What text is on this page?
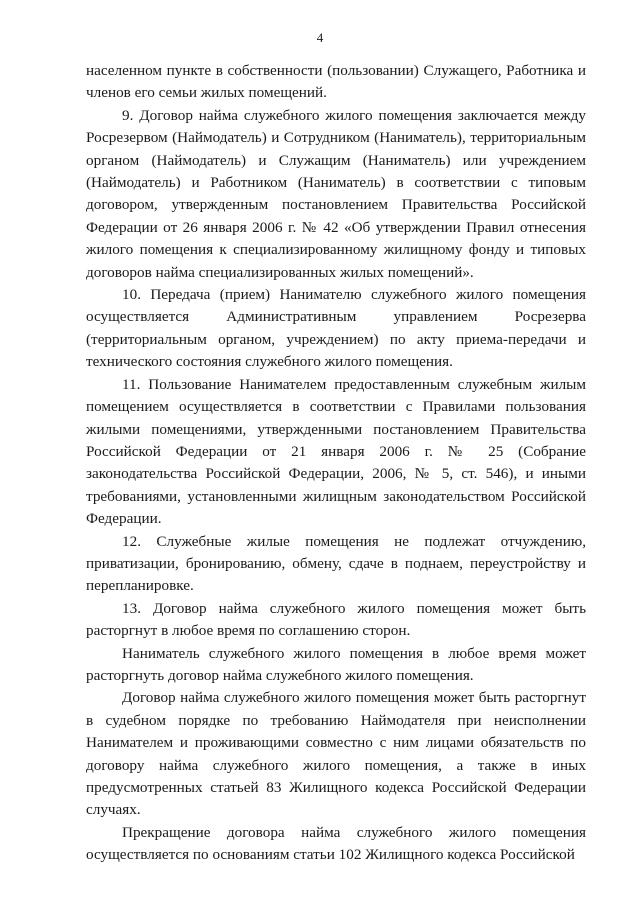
4

населенном пункте в собственности (пользовании) Служащего, Работника и членов его семьи жилых помещений.

9. Договор найма служебного жилого помещения заключается между Росрезервом (Наймодатель) и Сотрудником (Наниматель), территориальным органом (Наймодатель) и Служащим (Наниматель) или учреждением (Наймодатель) и Работником (Наниматель) в соответствии с типовым договором, утвержденным постановлением Правительства Российской Федерации от 26 января 2006 г. № 42 «Об утверждении Правил отнесения жилого помещения к специализированному жилищному фонду и типовых договоров найма специализированных жилых помещений».

10. Передача (прием) Нанимателю служебного жилого помещения осуществляется Административным управлением Росрезерва (территориальным органом, учреждением) по акту приема-передачи и технического состояния служебного жилого помещения.

11. Пользование Нанимателем предоставленным служебным жилым помещением осуществляется в соответствии с Правилами пользования жилыми помещениями, утвержденными постановлением Правительства Российской Федерации от 21 января 2006 г. № 25 (Собрание законодательства Российской Федерации, 2006, № 5, ст. 546), и иными требованиями, установленными жилищным законодательством Российской Федерации.

12. Служебные жилые помещения не подлежат отчуждению, приватизации, бронированию, обмену, сдаче в поднаем, переустройству и перепланировке.

13. Договор найма служебного жилого помещения может быть расторгнут в любое время по соглашению сторон.

Наниматель служебного жилого помещения в любое время может расторгнуть договор найма служебного жилого помещения.

Договор найма служебного жилого помещения может быть расторгнут в судебном порядке по требованию Наймодателя при неисполнении Нанимателем и проживающими совместно с ним лицами обязательств по договору найма служебного жилого помещения, а также в иных предусмотренных статьей 83 Жилищного кодекса Российской Федерации случаях.

Прекращение договора найма служебного жилого помещения осуществляется по основаниям статьи 102 Жилищного кодекса Российской
